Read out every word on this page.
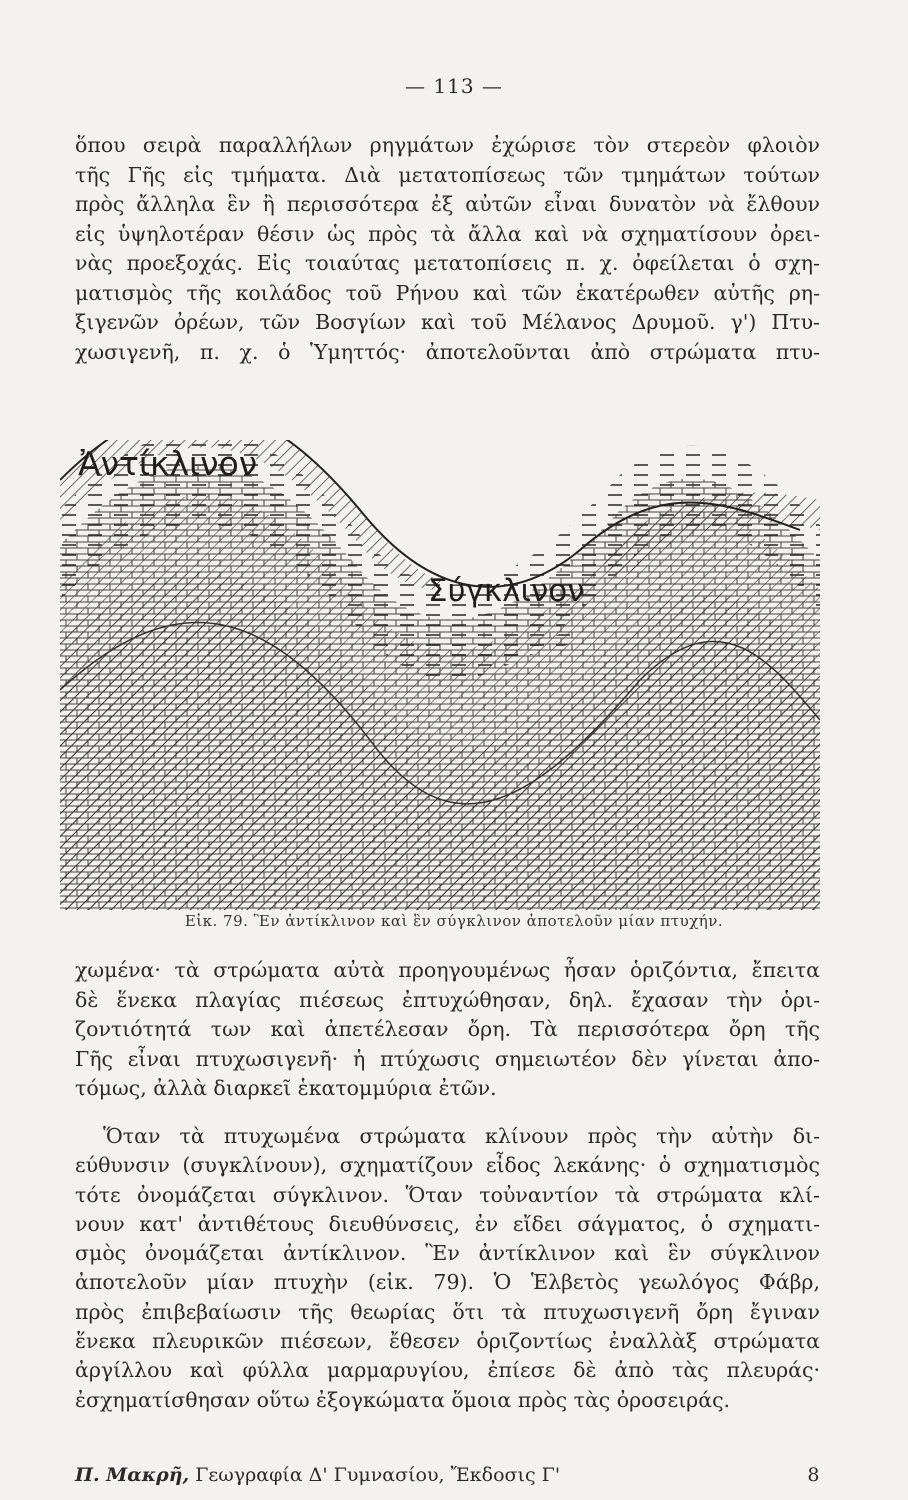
— 113 —
ὅπου σειρὰ παραλλήλων ρηγμάτων ἐχώρισε τὸν στερεὸν φλοιὸν
τῆς Γῆς εἰς τμήματα. Διὰ μετατοπίσεως τῶν τμημάτων τούτων
πρὸς ἄλληλα ἓν ἢ περισσότερα ἐξ αὐτῶν εἶναι δυνατὸν νὰ ἔλθουν
εἰς ὑψηλοτέραν θέσιν ὡς πρὸς τὰ ἄλλα καὶ νὰ σχηματίσουν ὀρει-
νὰς προεξοχάς. Εἰς τοιαύτας μετατοπίσεις π. χ. ὀφείλεται ὁ σχη-
ματισμὸς τῆς κοιλάδος τοῦ Ρήνου καὶ τῶν ἑκατέρωθεν αὐτῆς ρη-
ξιγενῶν ὀρέων, τῶν Βοσγίων καὶ τοῦ Μέλανος Δρυμοῦ. γ') Πτυ-
χωσιγενῆ, π. χ. ὁ Ὑμηττός· ἀποτελοῦνται ἀπὸ στρώματα πτυ-
Ἀντίκλινον
Σύγκλινον
Εἰκ. 79. Ἓν ἀντίκλινον καὶ ἓν σύγκλινον ἀποτελοῦν μίαν πτυχήν.
χωμένα· τὰ στρώματα αὐτὰ προηγουμένως ἦσαν ὁριζόντια, ἔπειτα
δὲ ἕνεκα πλαγίας πιέσεως ἐπτυχώθησαν, δηλ. ἔχασαν τὴν ὁρι-
ζοντιότητά των καὶ ἀπετέλεσαν ὄρη. Τὰ περισσότερα ὄρη τῆς
Γῆς εἶναι πτυχωσιγενῆ· ἡ πτύχωσις σημειωτέον δὲν γίνεται ἀπο-
τόμως, ἀλλὰ διαρκεῖ ἑκατομμύρια ἐτῶν.
Ὅταν τὰ πτυχωμένα στρώματα κλίνουν πρὸς τὴν αὐτὴν δι-
εύθυνσιν (συγκλίνουν), σχηματίζουν εἶδος λεκάνης· ὁ σχηματισμὸς
τότε ὀνομάζεται σύγκλινον. Ὅταν τοὐναντίον τὰ στρώματα κλί-
νουν κατ' ἀντιθέτους διευθύνσεις, ἐν εἴδει σάγματος, ὁ σχηματι-
σμὸς ὀνομάζεται ἀντίκλινον. Ἓν ἀντίκλινον καὶ ἓν σύγκλινον
ἀποτελοῦν μίαν πτυχὴν (εἰκ. 79). Ὁ Ἑλβετὸς γεωλόγος Φάβρ,
πρὸς ἐπιβεβαίωσιν τῆς θεωρίας ὅτι τὰ πτυχωσιγενῆ ὄρη ἔγιναν
ἕνεκα πλευρικῶν πιέσεων, ἔθεσεν ὁριζοντίως ἐναλλὰξ στρώματα
ἀργίλλου καὶ φύλλα μαρμαρυγίου, ἐπίεσε δὲ ἀπὸ τὰς πλευράς·
ἐσχηματίσθησαν οὕτω ἐξογκώματα ὅμοια πρὸς τὰς ὀροσειράς.
Π. Μακρῆ, Γεωγραφία Δ' Γυμνασίου, Ἔκδοσις Γ'	8
